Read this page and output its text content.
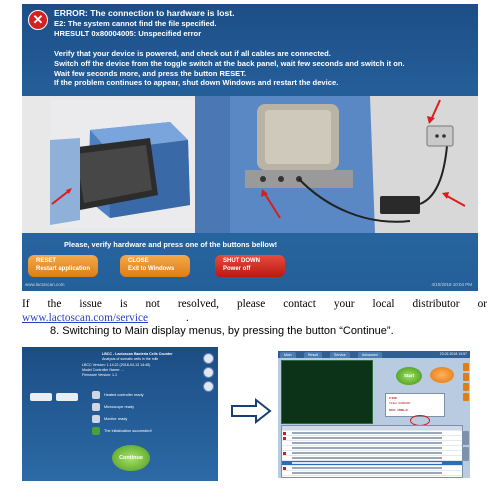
✕	ERROR: The connection to hardware is lost.
E2: The system cannot find the file specified.
HRESULT 0x80004005: Unspecified error
Verify that your device is powered, and check out if all cables are connected.
Switch off the device from the toggle switch at the back panel, wait few seconds and switch it on.
Wait few seconds more, and press the button RESET.
If the problem continues to appear, shut down Windows and restart the device.
Please, verify hardware and press one of the buttons bellow!
RESET
Restart application
CLOSE
Exit to Windows
SHUT DOWN
Power off
www.lactoscan.com	4/10/2018 10:04 PM
If the issue is not resolved, please contact your local distributor or
www.lactoscan.com/service	.
8. Switching to Main display menus, by pressing the button “Continue”.
LBCC - Lactoscan Bacteria Cells Counter
Analysis of somatic cells in the milk
LBCC Version: 1.14.22 (2018-04-13 14:45)
Model Controller Name: ...
Firmware Version: 1.1
Heated controller ready
Microscope ready
Monitor ready
The initialization succeeded!
Continue
Main	Result	Service	Advanced	23.02.2018 13:57
Start
# 208
Ticket: 0000000
SCC: 155E+3
